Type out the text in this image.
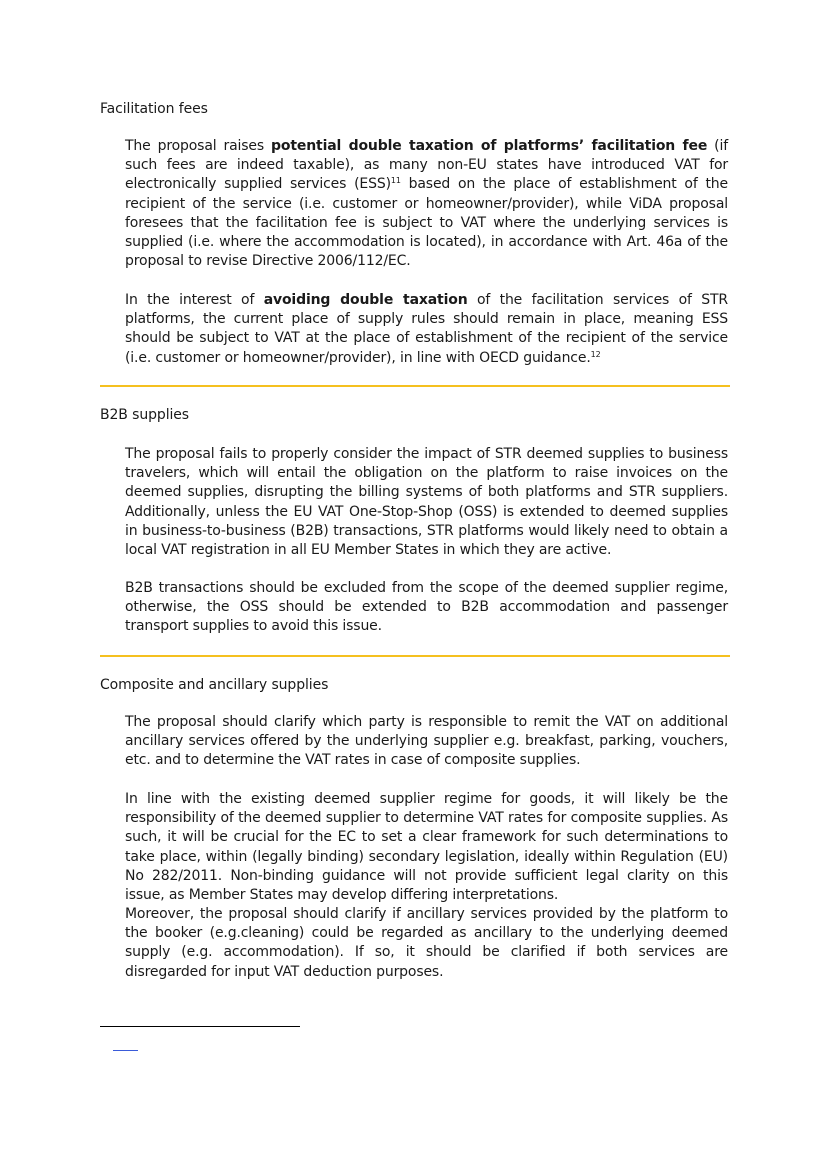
Facilitation fees

The proposal raises potential double taxation of platforms’ facilitation fee (if such fees are indeed taxable), as many non-EU states have introduced VAT for electronically supplied services (ESS)$^{11}$ based on the place of establishment of the recipient of the service (i.e. customer or homeowner/provider), while ViDA proposal foresees that the facilitation fee is subject to VAT where the underlying services is supplied (i.e. where the accommodation is located), in accordance with Art. 46a of the proposal to revise Directive 2006/112/EC.

In the interest of avoiding double taxation of the facilitation services of STR platforms, the current place of supply rules should remain in place, meaning ESS should be subject to VAT at the place of establishment of the recipient of the service (i.e. customer or homeowner/provider), in line with OECD guidance.$^{12}$

B2B supplies

The proposal fails to properly consider the impact of STR deemed supplies to business travelers, which will entail the obligation on the platform to raise invoices on the deemed supplies, disrupting the billing systems of both platforms and STR suppliers. Additionally, unless the EU VAT One-Stop-Shop (OSS) is extended to deemed supplies in business-to-business (B2B) transactions, STR platforms would likely need to obtain a local VAT registration in all EU Member States in which they are active.

B2B transactions should be excluded from the scope of the deemed supplier regime, otherwise, the OSS should be extended to B2B accommodation and passenger transport supplies to avoid this issue.

Composite and ancillary supplies

The proposal should clarify which party is responsible to remit the VAT on additional ancillary services offered by the underlying supplier e.g. breakfast, parking, vouchers, etc. and to determine the VAT rates in case of composite supplies.

In line with the existing deemed supplier regime for goods, it will likely be the responsibility of the deemed supplier to determine VAT rates for composite supplies. As such, it will be crucial for the EC to set a clear framework for such determinations to take place, within (legally binding) secondary legislation, ideally within Regulation (EU) No 282/2011. Non-binding guidance will not provide sufficient legal clarity on this issue, as Member States may develop differing interpretations.

Moreover, the proposal should clarify if ancillary services provided by the platform to the booker (e.g.cleaning) could be regarded as ancillary to the underlying deemed supply (e.g. accommodation). If so, it should be clarified if both services are disregarded for input VAT deduction purposes.
